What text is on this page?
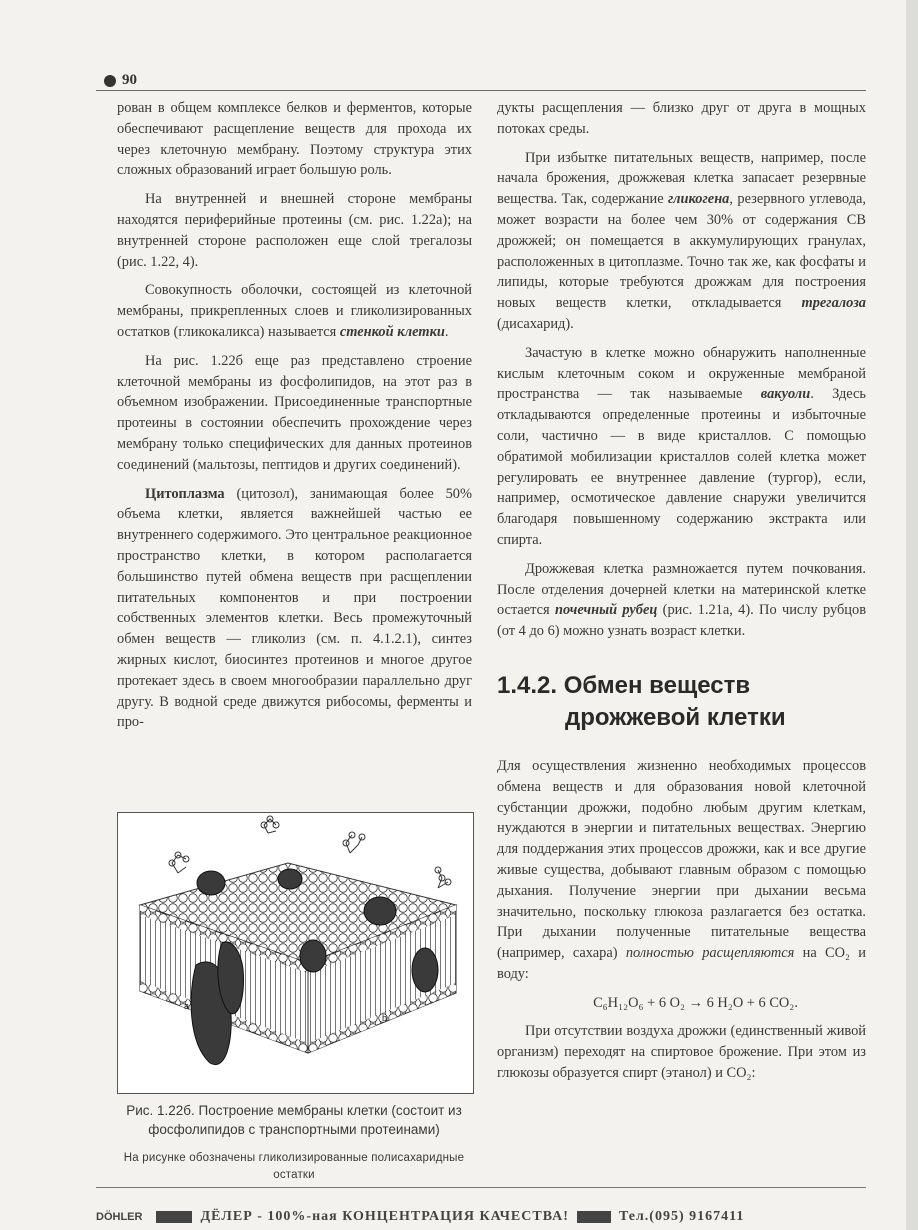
90

рован в общем комплексе белков и ферментов, которые обеспечивают расщепление веществ для прохода их через клеточную мембрану. Поэтому структура этих сложных образований играет большую роль.

На внутренней и внешней стороне мембраны находятся периферийные протеины (см. рис. 1.22а); на внутренней стороне расположен еще слой трегалозы (рис. 1.22, 4).

Совокупность оболочки, состоящей из клеточной мембраны, прикрепленных слоев и гликолизированных остатков (гликокаликса) называется стенкой клетки.

На рис. 1.22б еще раз представлено строение клеточной мембраны из фосфолипидов, на этот раз в объемном изображении. Присоединенные транспортные протеины в состоянии обеспечить прохождение через мембрану только специфических для данных протеинов соединений (мальтозы, пептидов и других соединений).

Цитоплазма (цитозол), занимающая более 50% объема клетки, является важнейшей частью ее внутреннего содержимого. Это центральное реакционное пространство клетки, в котором располагается большинство путей обмена веществ при расщеплении питательных компонентов и при построении собственных элементов клетки. Весь промежуточный обмен веществ — гликолиз (см. п. 4.1.2.1), синтез жирных кислот, биосинтез протеинов и многое другое протекает здесь в своем многообразии параллельно друг другу. В водной среде движутся рибосомы, ферменты и про-

a
b
Рис. 1.22б. Построение мембраны клетки (состоит из фосфолипидов с транспортными протеинами)
На рисунке обозначены гликолизированные полисахаридные остатки

дукты расщепления — близко друг от друга в мощных потоках среды.

При избытке питательных веществ, например, после начала брожения, дрожжевая клетка запасает резервные вещества. Так, содержание гликогена, резервного углевода, может возрасти на более чем 30% от содержания СВ дрожжей; он помещается в аккумулирующих гранулах, расположенных в цитоплазме. Точно так же, как фосфаты и липиды, которые требуются дрожжам для построения новых веществ клетки, откладывается трегалоза (дисахарид).

Зачастую в клетке можно обнаружить наполненные кислым клеточным соком и окруженные мембраной пространства — так называемые вакуоли. Здесь откладываются определенные протеины и избыточные соли, частично — в виде кристаллов. С помощью обратимой мобилизации кристаллов солей клетка может регулировать ее внутреннее давление (тургор), если, например, осмотическое давление снаружи увеличится благодаря повышенному содержанию экстракта или спирта.

Дрожжевая клетка размножается путем почкования. После отделения дочерней клетки на материнской клетке остается почечный рубец (рис. 1.21а, 4). По числу рубцов (от 4 до 6) можно узнать возраст клетки.

1.4.2. Обмен веществ
дрожжевой клетки

Для осуществления жизненно необходимых процессов обмена веществ и для образования новой клеточной субстанции дрожжи, подобно любым другим клеткам, нуждаются в энергии и питательных веществах. Энергию для поддержания этих процессов дрожжи, как и все другие живые существа, добывают главным образом с помощью дыхания. Получение энергии при дыхании весьма значительно, поскольку глюкоза разлагается без остатка. При дыхании полученные питательные вещества (например, сахара) полностью расщепляются на CO₂ и воду:

C₆H₁₂O₆ + 6 O₂ → 6 H₂O + 6 CO₂.

При отсутствии воздуха дрожжи (единственный живой организм) переходят на спиртовое брожение. При этом из глюкозы образуется спирт (этанол) и CO₂:

DÖHLER	ДЁЛЕР - 100%-ная КОНЦЕНТРАЦИЯ КАЧЕСТВА!	Тел.(095) 9167411
